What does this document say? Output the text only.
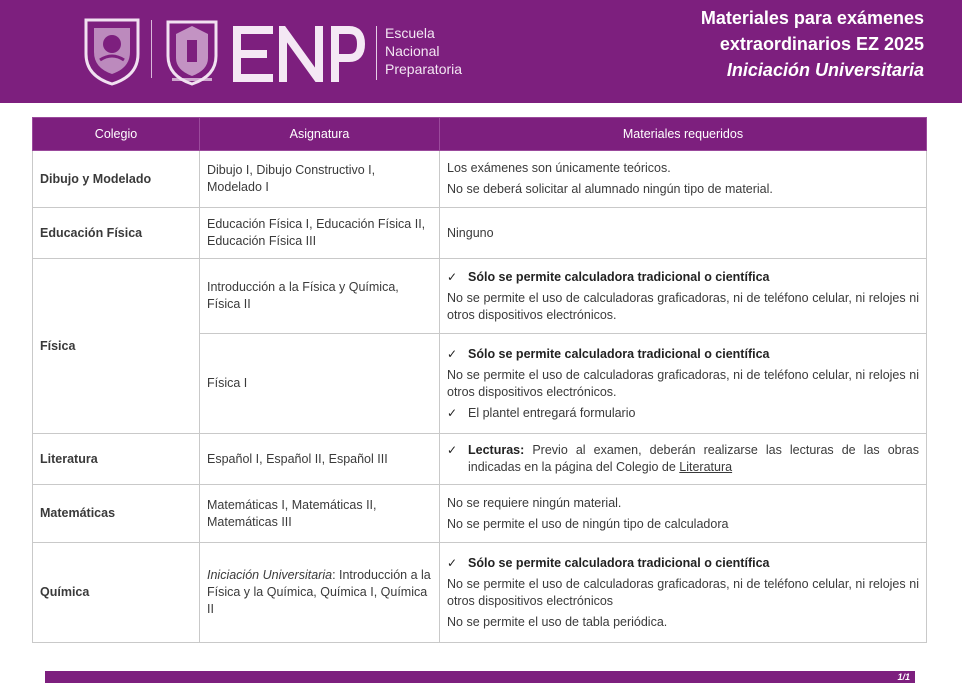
Escuela
Nacional
Preparatoria
Materiales para exámenes
extraordinarios EZ 2025
Iniciación Universitaria
Colegio	Asignatura	Materiales requeridos
Dibujo y Modelado	Dibujo I, Dibujo Constructivo I, Modelado I	Los exámenes son únicamente teóricos.

No se deberá solicitar al alumnado ningún tipo de material.

Educación Física	Educación Física I, Educación Física II, Educación Física III	Ninguno

Física	Introducción a la Física y Química, Física II	✓ Sólo se permite calculadora tradicional o científica

No se permite el uso de calculadoras graficadoras, ni de teléfono celular, ni relojes ni otros dispositivos electrónicos.

	Física I	✓ Sólo se permite calculadora tradicional o científica

No se permite el uso de calculadoras graficadoras, ni de teléfono celular, ni relojes ni otros dispositivos electrónicos.

✓ El plantel entregará formulario

Literatura	Español I, Español II, Español III	✓ Lecturas: Previo al examen, deberán realizarse las lecturas de las obras indicadas en la página del Colegio de Literatura

Matemáticas	Matemáticas I, Matemáticas II, Matemáticas III	No se requiere ningún material.

No se permite el uso de ningún tipo de calculadora

Química	Iniciación Universitaria: Introducción a la Física y la Química, Química I, Química II	✓ Sólo se permite calculadora tradicional o científica

No se permite el uso de calculadoras graficadoras, ni de teléfono celular, ni relojes ni otros dispositivos electrónicos

No se permite el uso de tabla periódica.

1/1
